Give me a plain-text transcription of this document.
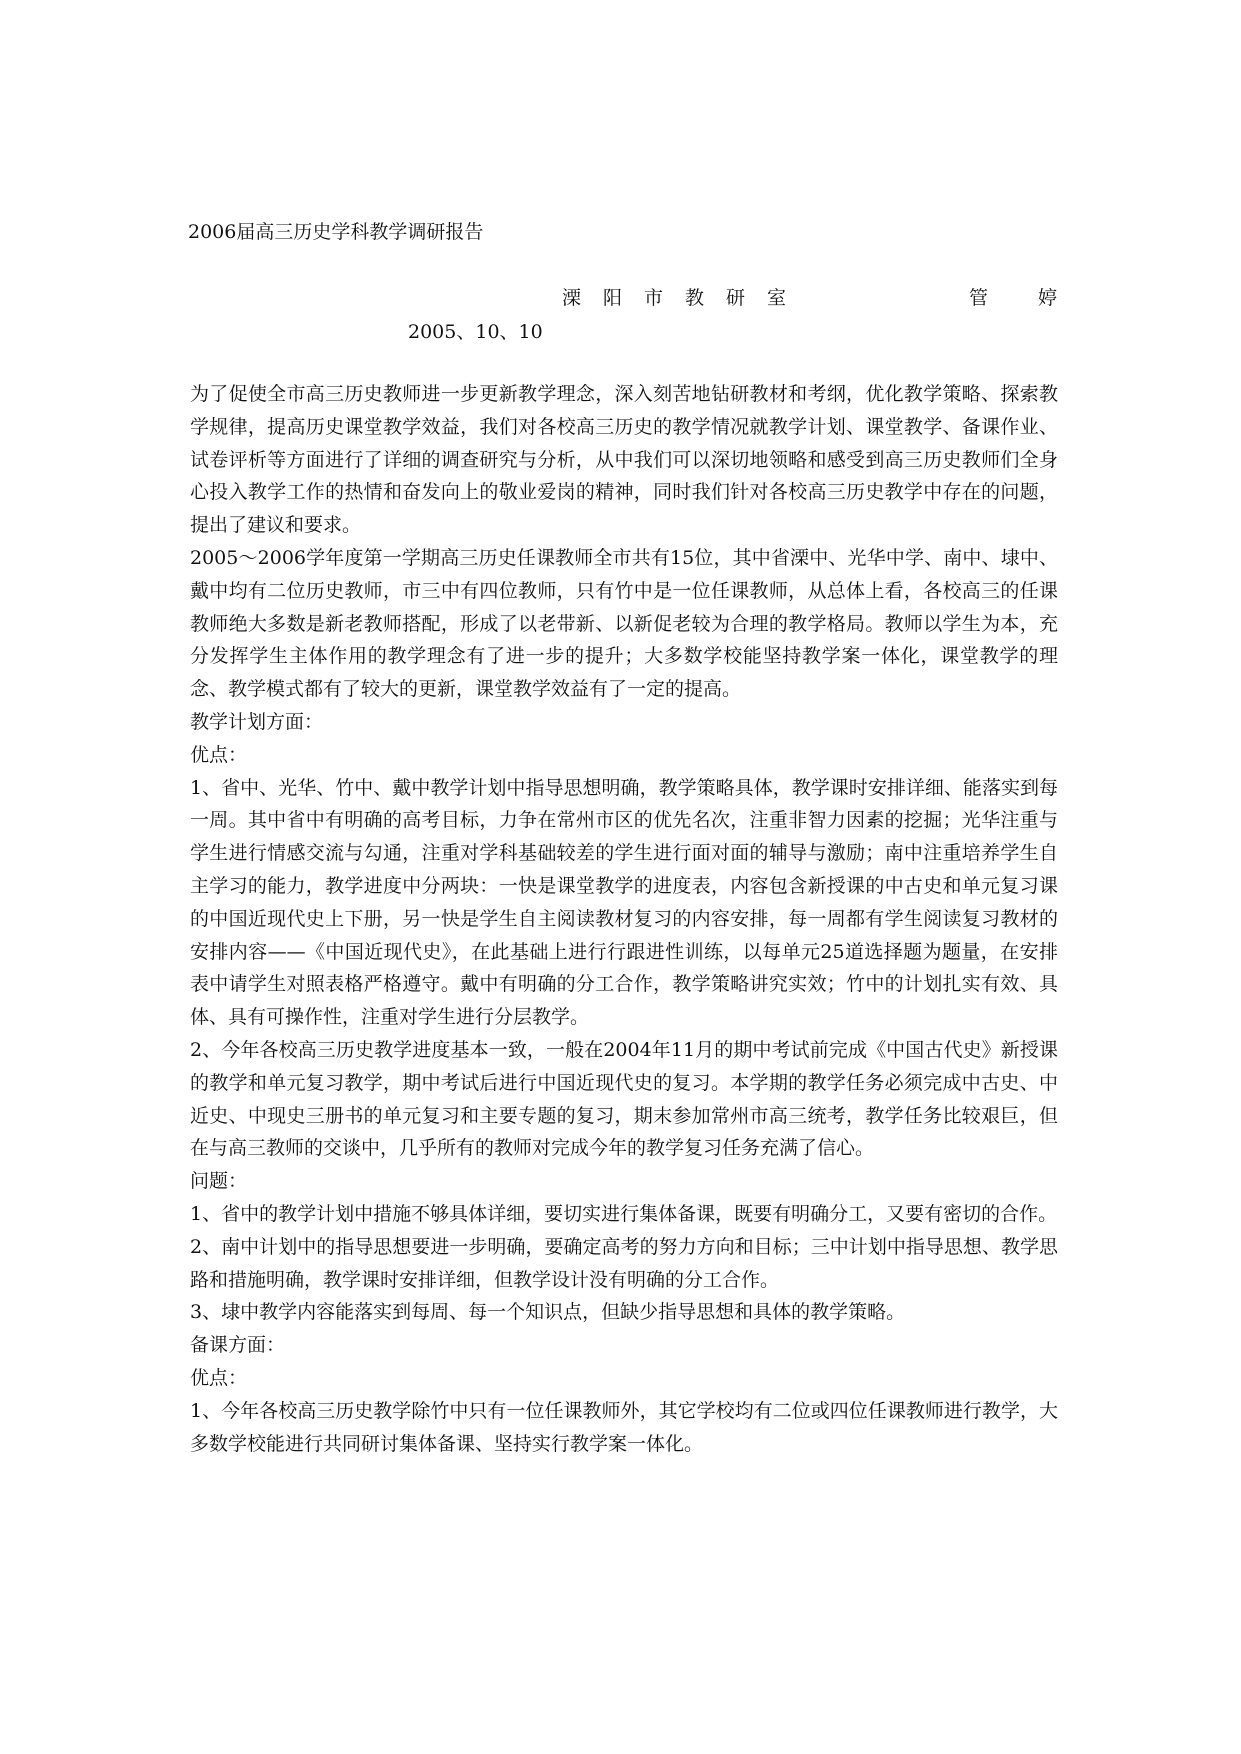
2006届高三历史学科教学调研报告
溧阳市教研室	管婷
2005、10、10

为了促使全市高三历史教师进一步更新教学理念，深入刻苦地钻研教材和考纲，优化教学策略、探索教学规律，提高历史课堂教学效益，我们对各校高三历史的教学情况就教学计划、课堂教学、备课作业、试卷评析等方面进行了详细的调查研究与分析，从中我们可以深切地领略和感受到高三历史教师们全身心投入教学工作的热情和奋发向上的敬业爱岗的精神，同时我们针对各校高三历史教学中存在的问题，提出了建议和要求。

2005～2006学年度第一学期高三历史任课教师全市共有15位，其中省溧中、光华中学、南中、埭中、戴中均有二位历史教师，市三中有四位教师，只有竹中是一位任课教师，从总体上看，各校高三的任课教师绝大多数是新老教师搭配，形成了以老带新、以新促老较为合理的教学格局。教师以学生为本，充分发挥学生主体作用的教学理念有了进一步的提升；大多数学校能坚持教学案一体化，课堂教学的理念、教学模式都有了较大的更新，课堂教学效益有了一定的提高。

教学计划方面：

优点：

1、省中、光华、竹中、戴中教学计划中指导思想明确，教学策略具体，教学课时安排详细、能落实到每一周。其中省中有明确的高考目标，力争在常州市区的优先名次，注重非智力因素的挖掘；光华注重与学生进行情感交流与勾通，注重对学科基础较差的学生进行面对面的辅导与激励；南中注重培养学生自主学习的能力，教学进度中分两块：一快是课堂教学的进度表，内容包含新授课的中古史和单元复习课的中国近现代史上下册，另一快是学生自主阅读教材复习的内容安排，每一周都有学生阅读复习教材的安排内容——《中国近现代史》，在此基础上进行行跟进性训练，以每单元25道选择题为题量，在安排表中请学生对照表格严格遵守。戴中有明确的分工合作，教学策略讲究实效；竹中的计划扎实有效、具体、具有可操作性，注重对学生进行分层教学。

2、今年各校高三历史教学进度基本一致，一般在2004年11月的期中考试前完成《中国古代史》新授课的教学和单元复习教学，期中考试后进行中国近现代史的复习。本学期的教学任务必须完成中古史、中近史、中现史三册书的单元复习和主要专题的复习，期末参加常州市高三统考，教学任务比较艰巨，但在与高三教师的交谈中，几乎所有的教师对完成今年的教学复习任务充满了信心。

问题：

1、省中的教学计划中措施不够具体详细，要切实进行集体备课，既要有明确分工，又要有密切的合作。

2、南中计划中的指导思想要进一步明确，要确定高考的努力方向和目标；三中计划中指导思想、教学思路和措施明确，教学课时安排详细，但教学设计没有明确的分工合作。

3、埭中教学内容能落实到每周、每一个知识点，但缺少指导思想和具体的教学策略。

备课方面：

优点：

1、今年各校高三历史教学除竹中只有一位任课教师外，其它学校均有二位或四位任课教师进行教学，大多数学校能进行共同研讨集体备课、坚持实行教学案一体化。
